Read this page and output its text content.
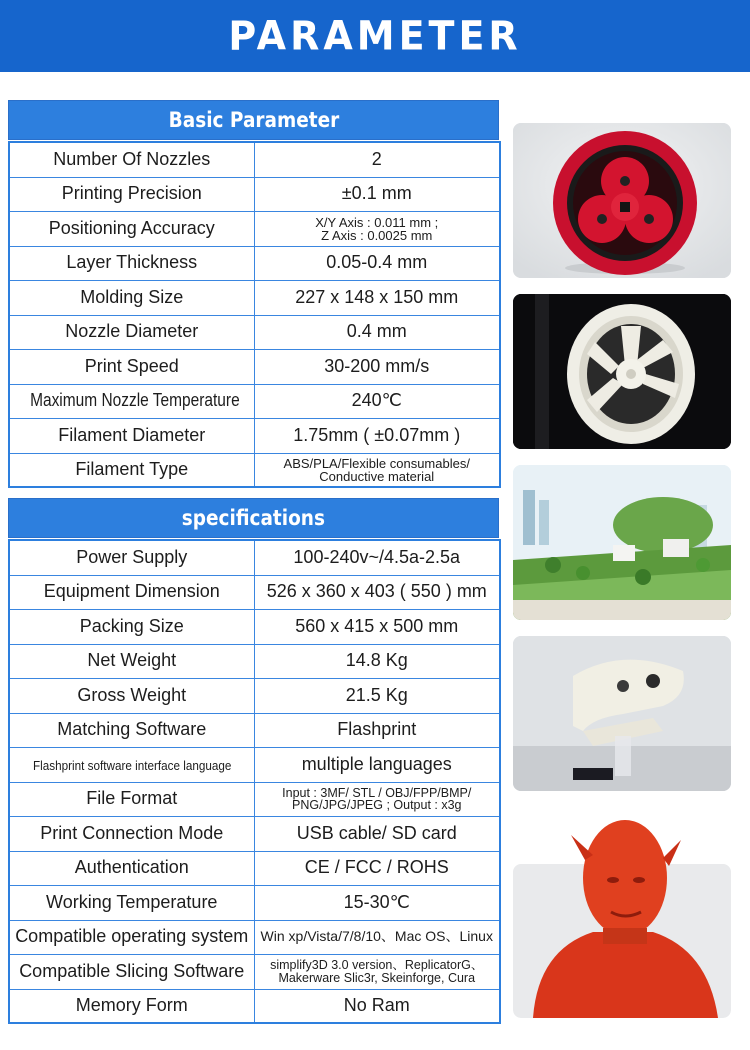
PARAMETER
Basic Parameter
Number Of Nozzles	2
Printing Precision	±0.1 mm
Positioning Accuracy	X/Y Axis : 0.011 mm ;
Z Axis : 0.0025 mm
Layer Thickness	0.05-0.4 mm
Molding Size	227 x 148 x 150 mm
Nozzle Diameter	0.4 mm
Print Speed	30-200 mm/s
Maximum Nozzle Temperature	240℃
Filament Diameter	1.75mm ( ±0.07mm )
Filament Type	ABS/PLA/Flexible consumables/
Conductive material
specifications
Power Supply	100-240v~/4.5a-2.5a
Equipment Dimension	526 x 360 x 403 ( 550 ) mm
Packing Size	560 x 415 x 500 mm
Net Weight	14.8 Kg
Gross Weight	21.5 Kg
Matching Software	Flashprint
Flashprint software interface language	multiple languages
File Format	Input : 3MF/ STL / OBJ/FPP/BMP/
PNG/JPG/JPEG ; Output : x3g
Print Connection Mode	USB cable/ SD card
Authentication	CE / FCC / ROHS
Working Temperature	15-30℃
Compatible operating system	Win xp/Vista/7/8/10、Mac OS、Linux
Compatible Slicing Software	simplify3D 3.0 version、ReplicatorG、
Makerware Slic3r, Skeinforge, Cura
Memory Form	No Ram
